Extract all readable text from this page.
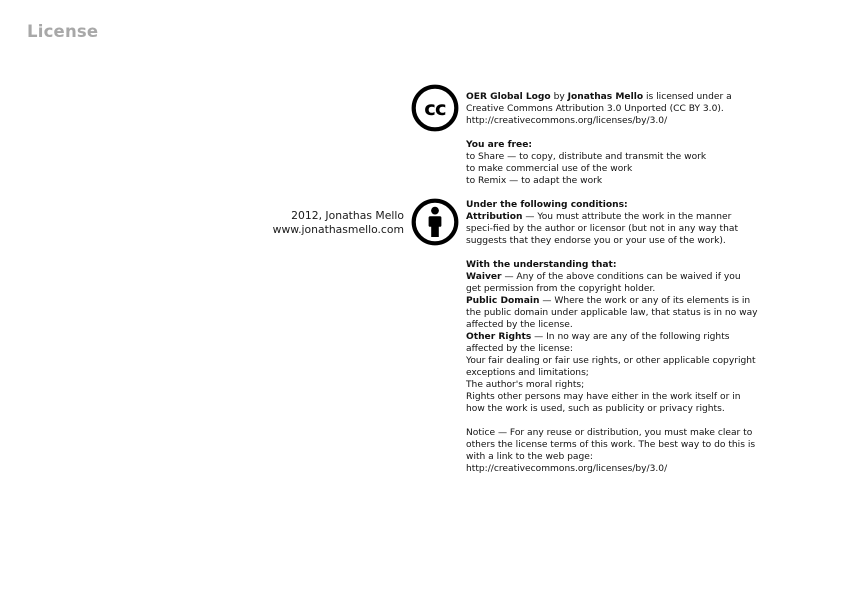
License
2012, Jonathas Mello
www.jonathasmello.com
cc

OER Global Logo by Jonathas Mello is licensed under a Creative Commons Attribution 3.0 Unported (CC BY 3.0).

http://creativecommons.org/licenses/by/3.0/

You are free:

to Share — to copy, distribute and transmit the work

to make commercial use of the work

to Remix — to adapt the work

Under the following conditions:

Attribution — You must attribute the work in the manner speci-fied by the author or licensor (but not in any way that suggests that they endorse you or your use of the work).

With the understanding that:

Waiver — Any of the above conditions can be waived if you get permission from the copyright holder.

Public Domain — Where the work or any of its elements is in the public domain under applicable law, that status is in no way affected by the license.

Other Rights — In no way are any of the following rights affected by the license:

Your fair dealing or fair use rights, or other applicable copyright exceptions and limitations;

The author's moral rights;

Rights other persons may have either in the work itself or in how the work is used, such as publicity or privacy rights.

Notice — For any reuse or distribution, you must make clear to others the license terms of this work. The best way to do this is with a link to the web page:

http://creativecommons.org/licenses/by/3.0/
